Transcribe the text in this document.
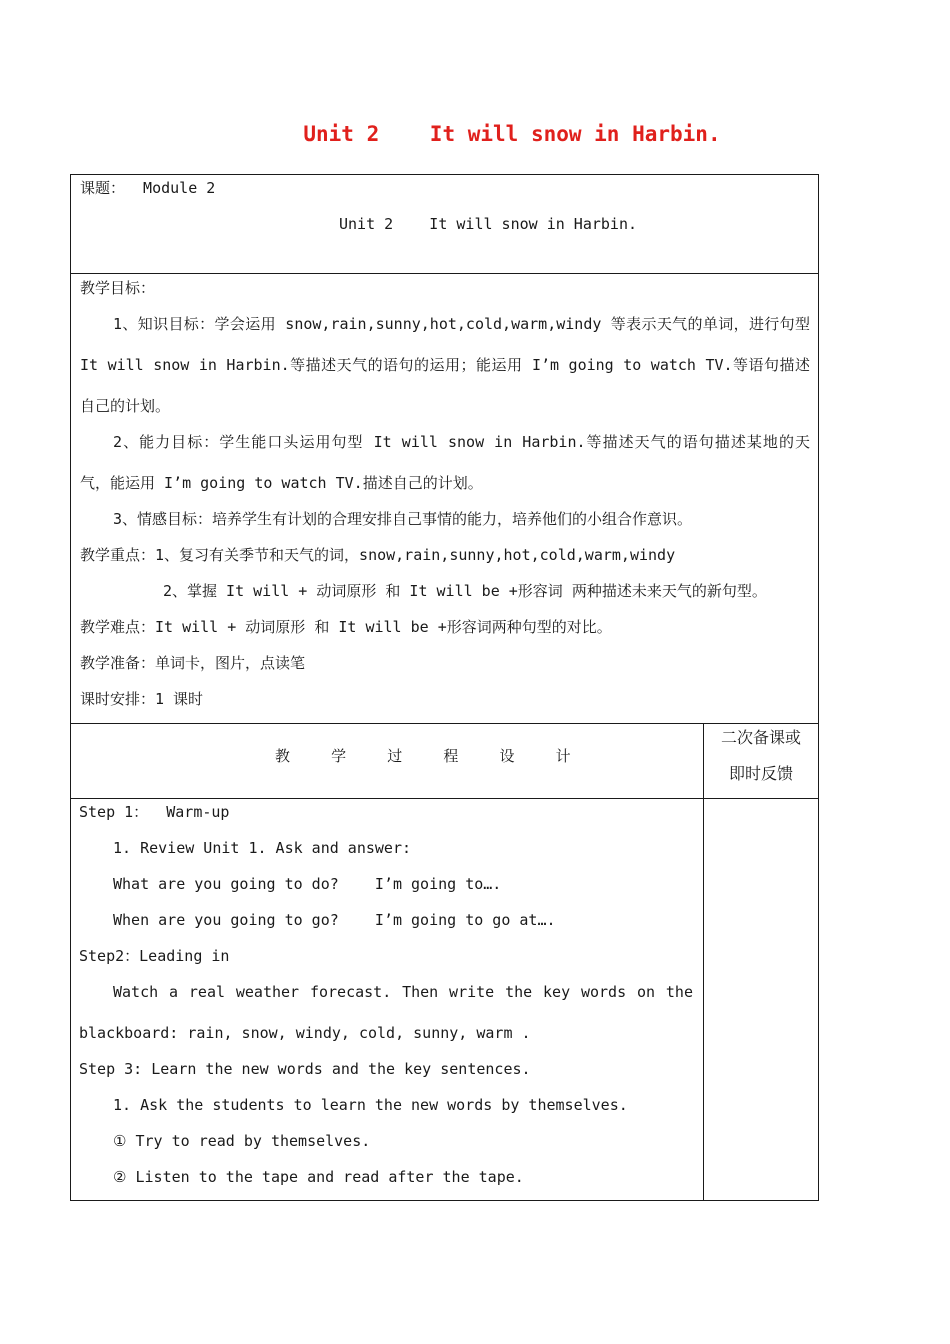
Unit 2    It will snow in Harbin.
课题：  Module 2
Unit 2    It will snow in Harbin.
教学目标：
1、知识目标：学会运用 snow,rain,sunny,hot,cold,warm,windy 等表示天气的单词，进行句型
It will snow in Harbin.等描述天气的语句的运用；能运用 I’m going to watch TV.等语句描述
自己的计划。
2、能力目标：学生能口头运用句型 It will snow in Harbin.等描述天气的语句描述某地的天
气，能运用 I’m going to watch TV.描述自己的计划。
3、情感目标：培养学生有计划的合理安排自己事情的能力，培养他们的小组合作意识。
教学重点：1、复习有关季节和天气的词，snow,rain,sunny,hot,cold,warm,windy
2、掌握 It will + 动词原形 和 It will be +形容词 两种描述未来天气的新句型。
教学难点：It will + 动词原形 和 It will be +形容词两种句型的对比。
教学准备：单词卡，图片，点读笔
课时安排：1 课时
教    学    过    程    设    计
二次备课或
即时反馈
Step 1：  Warm-up
1. Review Unit 1. Ask and answer:
What are you going to do?    I’m going to….
When are you going to go?    I’m going to go at….
Step2：Leading in
Watch a real weather forecast. Then write the key words on the
blackboard: rain, snow, windy, cold, sunny, warm .
Step 3: Learn the new words and the key sentences.
1. Ask the students to learn the new words by themselves.
① Try to read by themselves.
② Listen to the tape and read after the tape.
